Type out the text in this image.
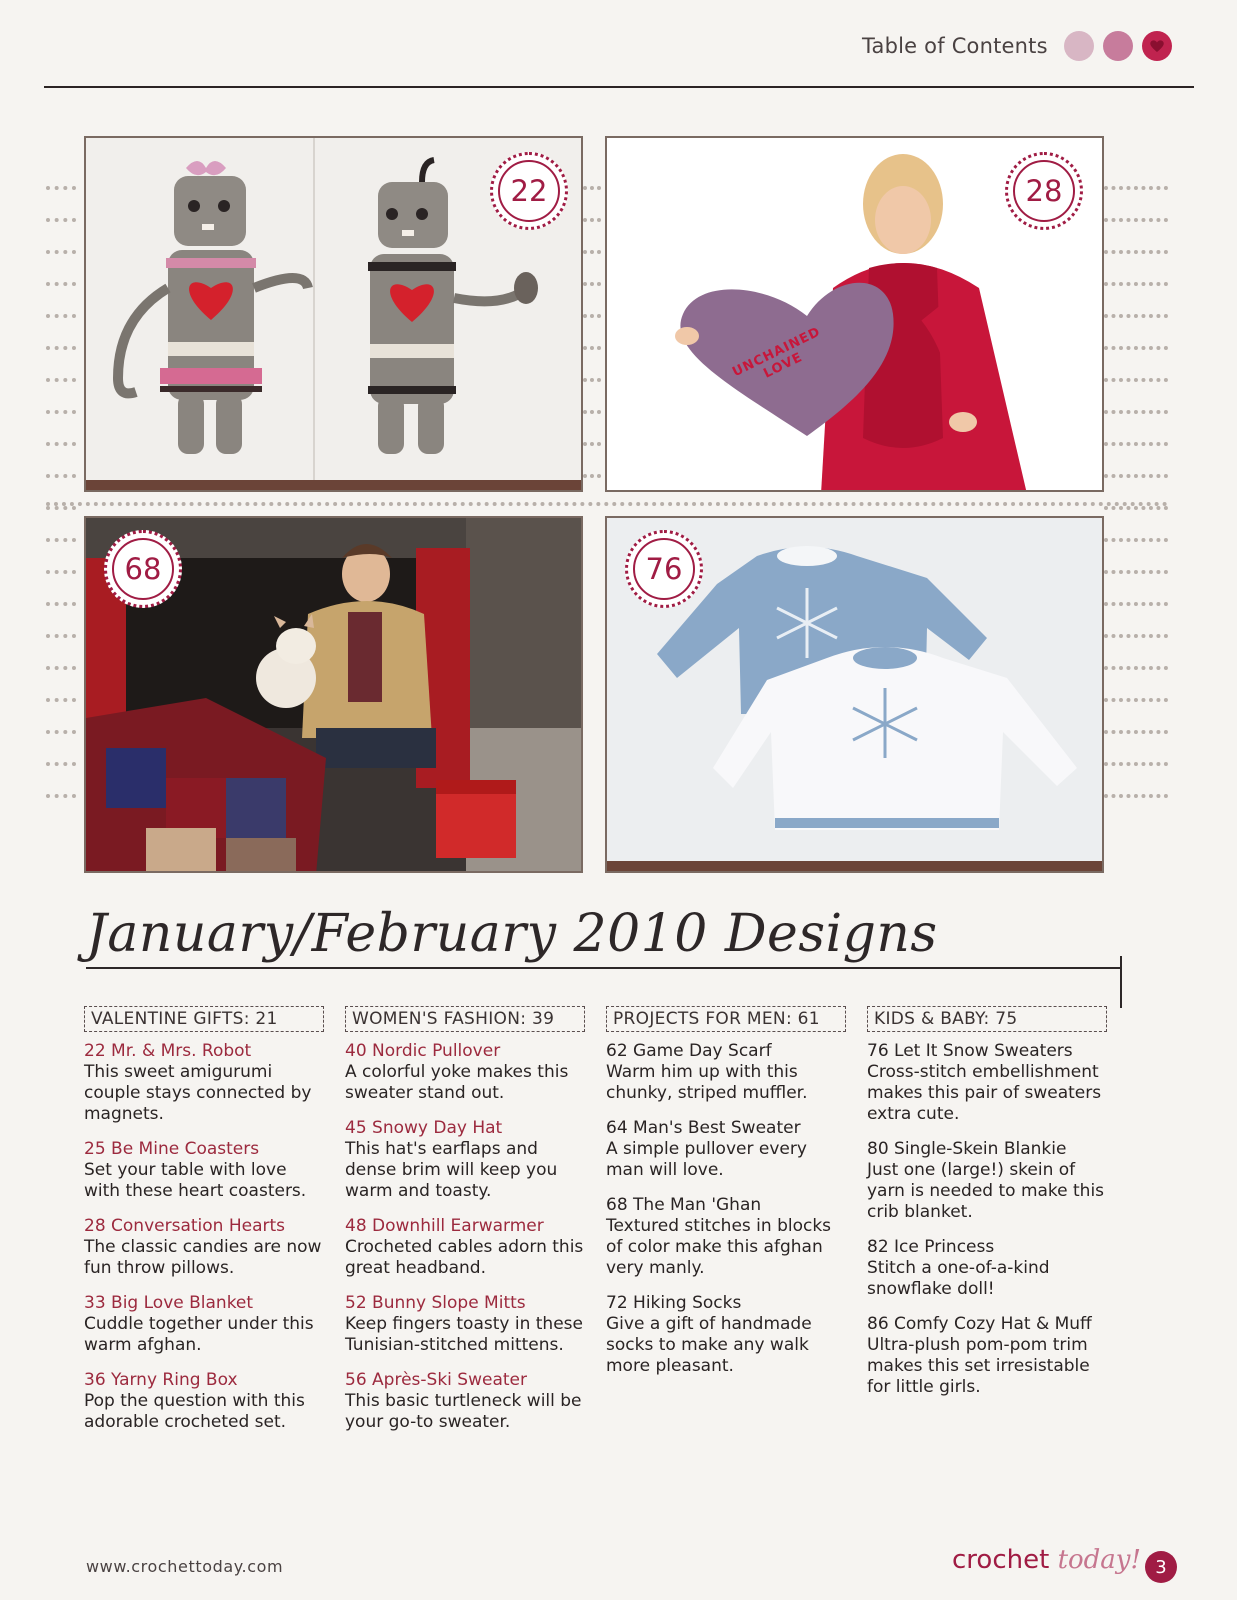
Table of Contents
22
UNCHAINED LOVE
28
68	76
January/February 2010 Designs
VALENTINE GIFTS: 21
22 Mr. & Mrs. Robot
This sweet amigurumi couple stays connected by magnets.
25 Be Mine Coasters
Set your table with love with these heart coasters.
28 Conversation Hearts
The classic candies are now fun throw pillows.
33 Big Love Blanket
Cuddle together under this warm afghan.
36 Yarny Ring Box
Pop the question with this adorable crocheted set.
WOMEN'S FASHION: 39
40 Nordic Pullover
A colorful yoke makes this sweater stand out.
45 Snowy Day Hat
This hat's earflaps and dense brim will keep you warm and toasty.
48 Downhill Earwarmer
Crocheted cables adorn this great headband.
52 Bunny Slope Mitts
Keep fingers toasty in these Tunisian-stitched mittens.
56 Après-Ski Sweater
This basic turtleneck will be your go-to sweater.
PROJECTS FOR MEN: 61
62 Game Day Scarf
Warm him up with this chunky, striped muffler.
64 Man's Best Sweater
A simple pullover every man will love.
68 The Man 'Ghan
Textured stitches in blocks of color make this afghan very manly.
72 Hiking Socks
Give a gift of handmade socks to make any walk more pleasant.
KIDS & BABY: 75
76 Let It Snow Sweaters
Cross-stitch embellishment makes this pair of sweaters extra cute.
80 Single-Skein Blankie
Just one (large!) skein of yarn is needed to make this crib blanket.
82 Ice Princess
Stitch a one-of-a-kind snowflake doll!
86 Comfy Cozy Hat & Muff
Ultra-plush pom-pom trim makes this set irresistable for little girls.
www.crochettoday.com	crochet today! 3
